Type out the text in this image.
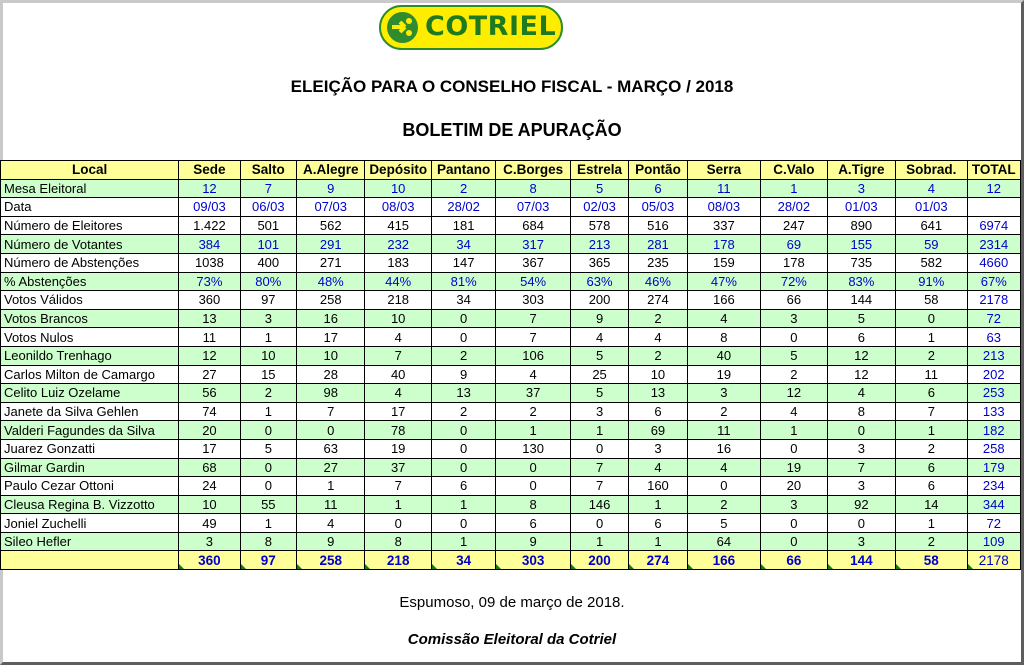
COTRIEL
ELEIÇÃO PARA O CONSELHO FISCAL - MARÇO / 2018
BOLETIM DE APURAÇÃO
Local	Sede	Salto	A.Alegre	Depósito	Pantano	C.Borges	Estrela	Pontão	Serra	C.Valo	A.Tigre	Sobrad.	TOTAL
Mesa Eleitoral	12	7	9	10	2	8	5	6	11	1	3	4	12
Data	09/03	06/03	07/03	08/03	28/02	07/03	02/03	05/03	08/03	28/02	01/03	01/03	
Número de Eleitores	1.422	501	562	415	181	684	578	516	337	247	890	641	6974
Número de Votantes	384	101	291	232	34	317	213	281	178	69	155	59	2314
Número de Abstenções	1038	400	271	183	147	367	365	235	159	178	735	582	4660
% Abstenções	73%	80%	48%	44%	81%	54%	63%	46%	47%	72%	83%	91%	67%
Votos Válidos	360	97	258	218	34	303	200	274	166	66	144	58	2178
Votos Brancos	13	3	16	10	0	7	9	2	4	3	5	0	72
Votos Nulos	11	1	17	4	0	7	4	4	8	0	6	1	63
Leonildo Trenhago	12	10	10	7	2	106	5	2	40	5	12	2	213
Carlos Milton de Camargo	27	15	28	40	9	4	25	10	19	2	12	11	202
Celito Luiz Ozelame	56	2	98	4	13	37	5	13	3	12	4	6	253
Janete da Silva Gehlen	74	1	7	17	2	2	3	6	2	4	8	7	133
Valderi Fagundes da Silva	20	0	0	78	0	1	1	69	11	1	0	1	182
Juarez Gonzatti	17	5	63	19	0	130	0	3	16	0	3	2	258
Gilmar Gardin	68	0	27	37	0	0	7	4	4	19	7	6	179
Paulo Cezar Ottoni	24	0	1	7	6	0	7	160	0	20	3	6	234
Cleusa Regina B. Vizzotto	10	55	11	1	1	8	146	1	2	3	92	14	344
Joniel Zuchelli	49	1	4	0	0	6	0	6	5	0	0	1	72
Sileo Hefler	3	8	9	8	1	9	1	1	64	0	3	2	109
	360	97	258	218	34	303	200	274	166	66	144	58	2178
Espumoso, 09 de março de 2018.
Comissão Eleitoral da Cotriel
